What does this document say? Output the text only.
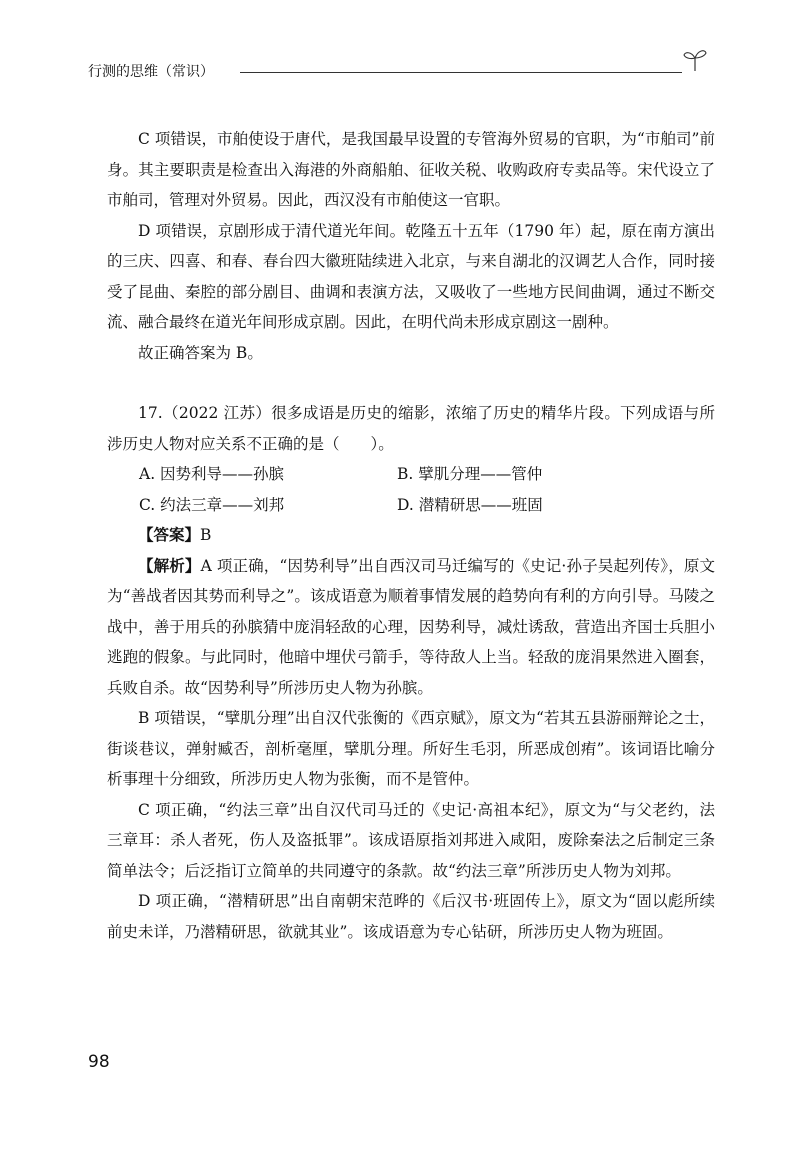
行测的思维（常识）

C 项错误，市舶使设于唐代，是我国最早设置的专管海外贸易的官职，为“市舶司”前身。其主要职责是检查出入海港的外商船舶、征收关税、收购政府专卖品等。宋代设立了市舶司，管理对外贸易。因此，西汉没有市舶使这一官职。

D 项错误，京剧形成于清代道光年间。乾隆五十五年（1790 年）起，原在南方演出的三庆、四喜、和春、春台四大徽班陆续进入北京，与来自湖北的汉调艺人合作，同时接受了昆曲、秦腔的部分剧目、曲调和表演方法，又吸收了一些地方民间曲调，通过不断交流、融合最终在道光年间形成京剧。因此，在明代尚未形成京剧这一剧种。

故正确答案为 B。

17.（2022 江苏）很多成语是历史的缩影，浓缩了历史的精华片段。下列成语与所涉历史人物对应关系不正确的是（　　）。

A. 因势利导——孙膑	B. 擘肌分理——管仲
C. 约法三章——刘邦	D. 潜精研思——班固

【答案】B

【解析】A 项正确，“因势利导”出自西汉司马迁编写的《史记·孙子吴起列传》，原文为“善战者因其势而利导之”。该成语意为顺着事情发展的趋势向有利的方向引导。马陵之战中，善于用兵的孙膑猜中庞涓轻敌的心理，因势利导，减灶诱敌，营造出齐国士兵胆小逃跑的假象。与此同时，他暗中埋伏弓箭手，等待敌人上当。轻敌的庞涓果然进入圈套，兵败自杀。故“因势利导”所涉历史人物为孙膑。

B 项错误，“擘肌分理”出自汉代张衡的《西京赋》，原文为“若其五县游丽辩论之士，街谈巷议，弹射臧否，剖析毫厘，擘肌分理。所好生毛羽，所恶成创痏”。该词语比喻分析事理十分细致，所涉历史人物为张衡，而不是管仲。

C 项正确，“约法三章”出自汉代司马迁的《史记·高祖本纪》，原文为“与父老约，法三章耳：杀人者死，伤人及盗抵罪”。该成语原指刘邦进入咸阳，废除秦法之后制定三条简单法令；后泛指订立简单的共同遵守的条款。故“约法三章”所涉历史人物为刘邦。

D 项正确，“潜精研思”出自南朝宋范晔的《后汉书·班固传上》，原文为“固以彪所续前史未详，乃潜精研思，欲就其业”。该成语意为专心钻研，所涉历史人物为班固。

98
